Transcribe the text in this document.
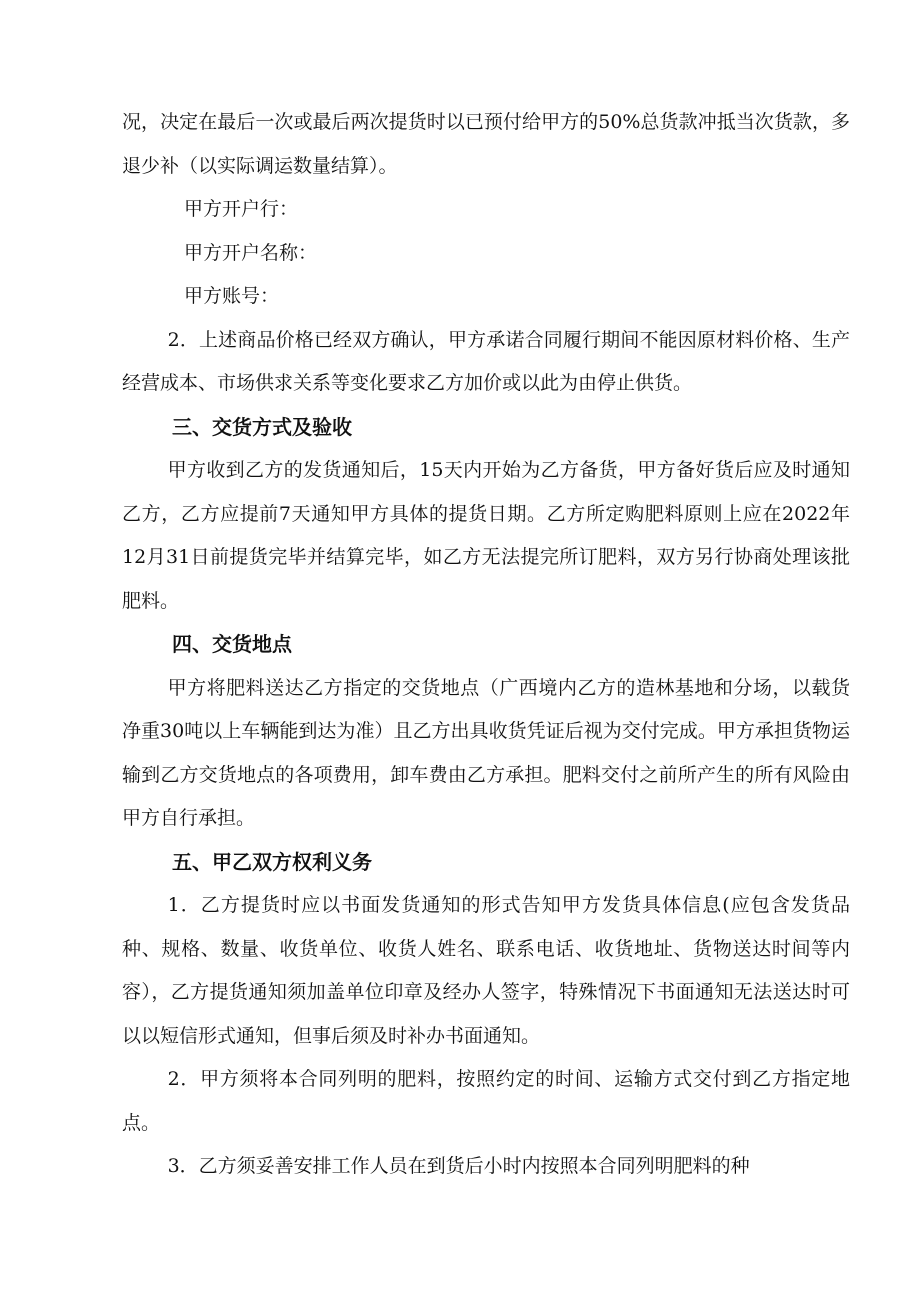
况，决定在最后一次或最后两次提货时以已预付给甲方的50%总货款冲抵当次货款，多退少补（以实际调运数量结算）。

甲方开户行：

甲方开户名称：

甲方账号：

2．上述商品价格已经双方确认，甲方承诺合同履行期间不能因原材料价格、生产经营成本、市场供求关系等变化要求乙方加价或以此为由停止供货。

三、交货方式及验收

甲方收到乙方的发货通知后，15天内开始为乙方备货，甲方备好货后应及时通知乙方，乙方应提前7天通知甲方具体的提货日期。乙方所定购肥料原则上应在2022年12月31日前提货完毕并结算完毕，如乙方无法提完所订肥料，双方另行协商处理该批肥料。

四、交货地点

甲方将肥料送达乙方指定的交货地点（广西境内乙方的造林基地和分场，以载货净重30吨以上车辆能到达为准）且乙方出具收货凭证后视为交付完成。甲方承担货物运输到乙方交货地点的各项费用，卸车费由乙方承担。肥料交付之前所产生的所有风险由甲方自行承担。

五、甲乙双方权利义务

1．乙方提货时应以书面发货通知的形式告知甲方发货具体信息(应包含发货品种、规格、数量、收货单位、收货人姓名、联系电话、收货地址、货物送达时间等内容），乙方提货通知须加盖单位印章及经办人签字，特殊情况下书面通知无法送达时可以以短信形式通知，但事后须及时补办书面通知。

2．甲方须将本合同列明的肥料，按照约定的时间、运输方式交付到乙方指定地点。

3．乙方须妥善安排工作人员在到货后小时内按照本合同列明肥料的种
